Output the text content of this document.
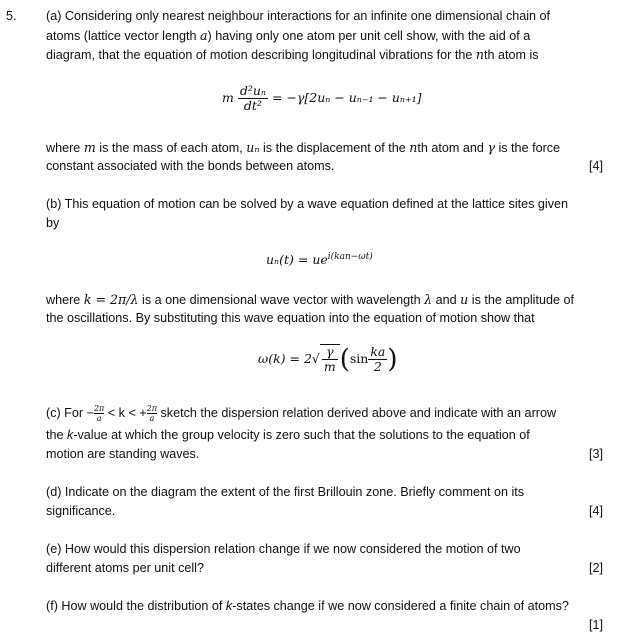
5. (a) Considering only nearest neighbour interactions for an infinite one dimensional chain of
atoms (lattice vector length a) having only one atom per unit cell show, with the aid of a
diagram, that the equation of motion describing longitudinal vibrations for the nth atom is
m $\frac{\text{d²uₙ}}{\text{dt²}} = -\gamma[2u_n - u_{n-1} - u_{n+1}]$
where m is the mass of each atom, uₙ is the displacement of the nth atom and γ is the force
constant associated with the bonds between atoms.	[4]
(b) This equation of motion can be solved by a wave equation defined at the lattice sites given
by
$u_n(t) = ue^{i(kan-\omega t)}$
where k = 2π/λ is a one dimensional wave vector with wavelength λ and u is the amplitude of
the oscillations. By substituting this wave equation into the equation of motion show that
$\omega(k) = 2√ \frac{\gamma}{m} (\sin \frac{ka}{2}$ )
(c) For − $\frac{2\pi}{a} < k$ < + $\frac{2\pi}{a}$ sketch the dispersion relation derived above and indicate with an arrow
the k-value at which the group velocity is zero such that the solutions to the equation of
motion are standing waves.	[3]
(d) Indicate on the diagram the extent of the first Brillouin zone. Briefly comment on its
significance.	[4]
(e) How would this dispersion relation change if we now considered the motion of two
different atoms per unit cell?	[2]
(f) How would the distribution of k-states change if we now considered a finite chain of atoms?
[1]
